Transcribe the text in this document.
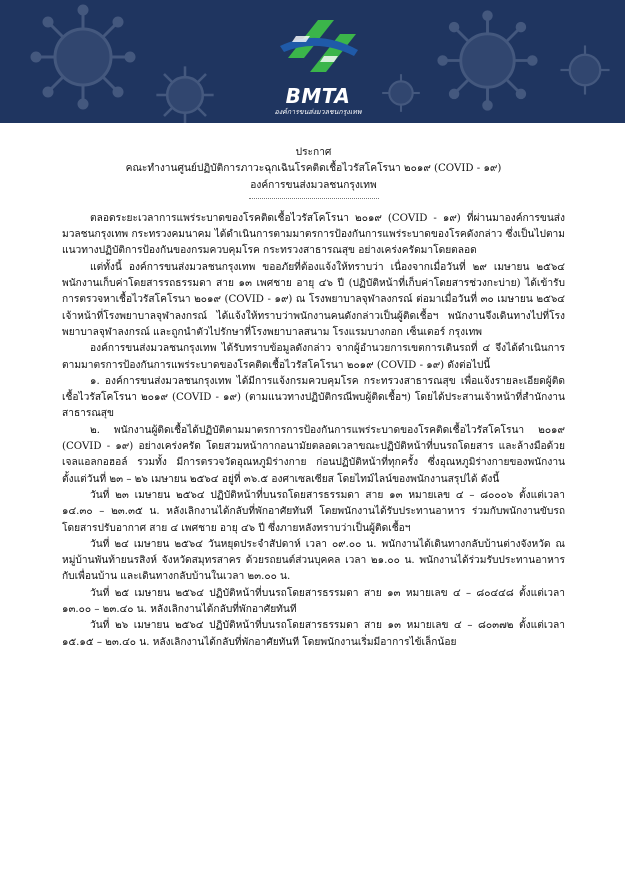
BMTA
องค์การขนส่งมวลชนกรุงเทพ
ประกาศ
คณะทำงานศูนย์ปฏิบัติการภาวะฉุกเฉินโรคติดเชื้อไวรัสโคโรนา ๒๐๑๙ (COVID - ๑๙)
องค์การขนส่งมวลชนกรุงเทพ

ตลอดระยะเวลาการแพร่ระบาดของโรคติดเชื้อไวรัสโคโรนา ๒๐๑๙ (COVID - ๑๙) ที่ผ่านมาองค์การขนส่งมวลชนกรุงเทพ กระทรวงคมนาคม ได้ดำเนินการตามมาตรการป้องกันการแพร่ระบาดของโรคดังกล่าว ซึ่งเป็นไปตามแนวทางปฏิบัติการป้องกันของกรมควบคุมโรค กระทรวงสาธารณสุข อย่างเคร่งครัดมาโดยตลอด

แต่ทั้งนี้ องค์การขนส่งมวลชนกรุงเทพ ขออภัยที่ต้องแจ้งให้ทราบว่า เนื่องจากเมื่อวันที่ ๒๙ เมษายน ๒๕๖๔ พนักงานเก็บค่าโดยสารรถธรรมดา สาย ๑๓ เพศชาย อายุ ๔๖ ปี (ปฏิบัติหน้าที่เก็บค่าโดยสารช่วงกะบ่าย) ได้เข้ารับการตรวจหาเชื้อไวรัสโคโรนา ๒๐๑๙ (COVID - ๑๙) ณ โรงพยาบาลจุฬาลงกรณ์ ต่อมาเมื่อวันที่ ๓๐ เมษายน ๒๕๖๔ เจ้าหน้าที่โรงพยาบาลจุฬาลงกรณ์ ได้แจ้งให้ทราบว่าพนักงานคนดังกล่าวเป็นผู้ติดเชื้อฯ พนักงานจึงเดินทางไปที่โรงพยาบาลจุฬาลงกรณ์ และถูกนำตัวไปรักษาที่โรงพยาบาลสนาม โรงแรมบางกอก เซ็นเตอร์ กรุงเทพ

องค์การขนส่งมวลชนกรุงเทพ ได้รับทราบข้อมูลดังกล่าว จากผู้อำนวยการเขตการเดินรถที่ ๔ จึงได้ดำเนินการตามมาตรการป้องกันการแพร่ระบาดของโรคติดเชื้อไวรัสโคโรนา ๒๐๑๙ (COVID - ๑๙) ดังต่อไปนี้

๑. องค์การขนส่งมวลชนกรุงเทพ ได้มีการแจ้งกรมควบคุมโรค กระทรวงสาธารณสุข เพื่อแจ้งรายละเอียดผู้ติดเชื้อไวรัสโคโรนา ๒๐๑๙ (COVID - ๑๙) (ตามแนวทางปฏิบัติกรณีพบผู้ติดเชื้อฯ) โดยได้ประสานเจ้าหน้าที่สำนักงานสาธารณสุข

๒. พนักงานผู้ติดเชื้อได้ปฏิบัติตามมาตรการการป้องกันการแพร่ระบาดของโรคติดเชื้อไวรัสโคโรนา ๒๐๑๙ (COVID - ๑๙) อย่างเคร่งครัด โดยสวมหน้ากากอนามัยตลอดเวลาขณะปฏิบัติหน้าที่บนรถโดยสาร และล้างมือด้วยเจลแอลกอฮอล์ รวมทั้ง มีการตรวจวัดอุณหภูมิร่างกาย ก่อนปฏิบัติหน้าที่ทุกครั้ง ซึ่งอุณหภูมิร่างกายของพนักงาน ตั้งแต่วันที่ ๒๓ – ๒๖ เมษายน ๒๕๖๔ อยู่ที่ ๓๖.๕ องศาเซลเซียส โดยไทม์ไลน์ของพนักงานสรุปได้ ดังนี้

วันที่ ๒๓ เมษายน ๒๕๖๔ ปฏิบัติหน้าที่บนรถโดยสารธรรมดา สาย ๑๓ หมายเลข ๔ – ๘๐๐๐๖ ตั้งแต่เวลา ๑๔.๓๐ – ๒๓.๓๕ น. หลังเลิกงานได้กลับที่พักอาศัยทันที โดยพนักงานได้รับประทานอาหาร ร่วมกับพนักงานขับรถโดยสารปรับอากาศ สาย ๔ เพศชาย อายุ ๔๖ ปี ซึ่งภายหลังทราบว่าเป็นผู้ติดเชื้อฯ

วันที่ ๒๔ เมษายน ๒๕๖๔ วันหยุดประจำสัปดาห์ เวลา ๐๙.๐๐ น. พนักงานได้เดินทางกลับบ้านต่างจังหวัด ณ หมู่บ้านพันท้ายนรสิงห์ จังหวัดสมุทรสาคร ด้วยรถยนต์ส่วนบุคคล เวลา ๒๑.๐๐ น. พนักงานได้ร่วมรับประทานอาหารกับเพื่อนบ้าน และเดินทางกลับบ้านในเวลา ๒๓.๐๐ น.

วันที่ ๒๕ เมษายน ๒๕๖๔ ปฏิบัติหน้าที่บนรถโดยสารธรรมดา สาย ๑๓ หมายเลข ๔ – ๘๐๔๔๘ ตั้งแต่เวลา ๑๓.๐๐ – ๒๓.๔๐ น. หลังเลิกงานได้กลับที่พักอาศัยทันที

วันที่ ๒๖ เมษายน ๒๕๖๔ ปฏิบัติหน้าที่บนรถโดยสารธรรมดา สาย ๑๓ หมายเลข ๔ – ๘๐๓๗๒ ตั้งแต่เวลา ๑๕.๑๕ – ๒๓.๔๐ น. หลังเลิกงานได้กลับที่พักอาศัยทันที โดยพนักงานเริ่มมีอาการไข้เล็กน้อย
